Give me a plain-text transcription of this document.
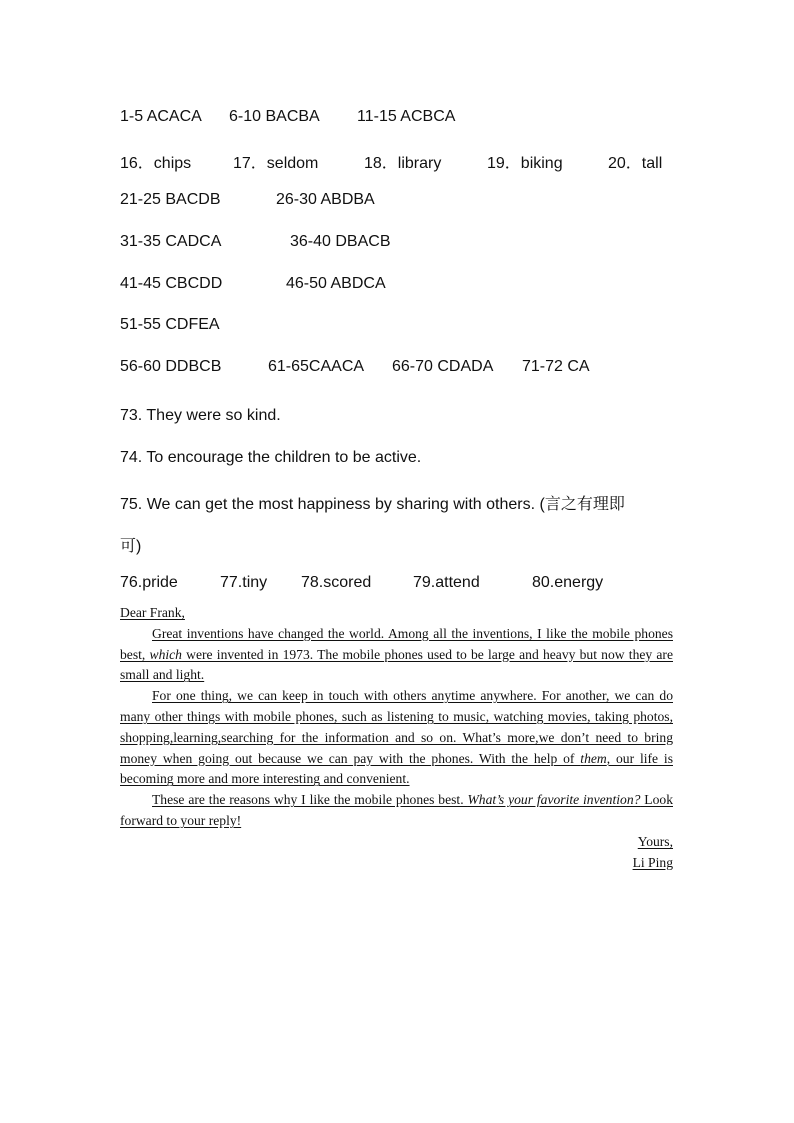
1-5 ACACA 6-10 BACBA 11-15 ACBCA
16．chips	17．seldom	18．library	19．biking	20．tall
21-25 BACDB	26-30 ABDBA
31-35 CADCA	36-40 DBACB
41-45 CBCDD	46-50 ABDCA
51-55 CDFEA
56-60 DDBCB	61-65CAACA 66-70 CDADA 71-72 CA

73. They were so kind.

74. To encourage the children to be active.

75. We can get the most happiness by sharing with others. (言之有理即

可)

76.pride	77.tiny 78.scored	79.attend	80.energy

Dear Frank,

Great inventions have changed the world. Among all the inventions, I like the mobile phones best, which were invented in 1973. The mobile phones used to be large and heavy but now they are small and light.

For one thing, we can keep in touch with others anytime anywhere. For another, we can do many other things with mobile phones, such as listening to music, watching movies, taking photos, shopping,learning,searching for the information and so on. What’s more,we don’t need to bring money when going out because we can pay with the phones. With the help of them, our life is becoming more and more interesting and convenient.

These are the reasons why I like the mobile phones best. What’s your favorite invention? Look forward to your reply!

Yours,

Li Ping
